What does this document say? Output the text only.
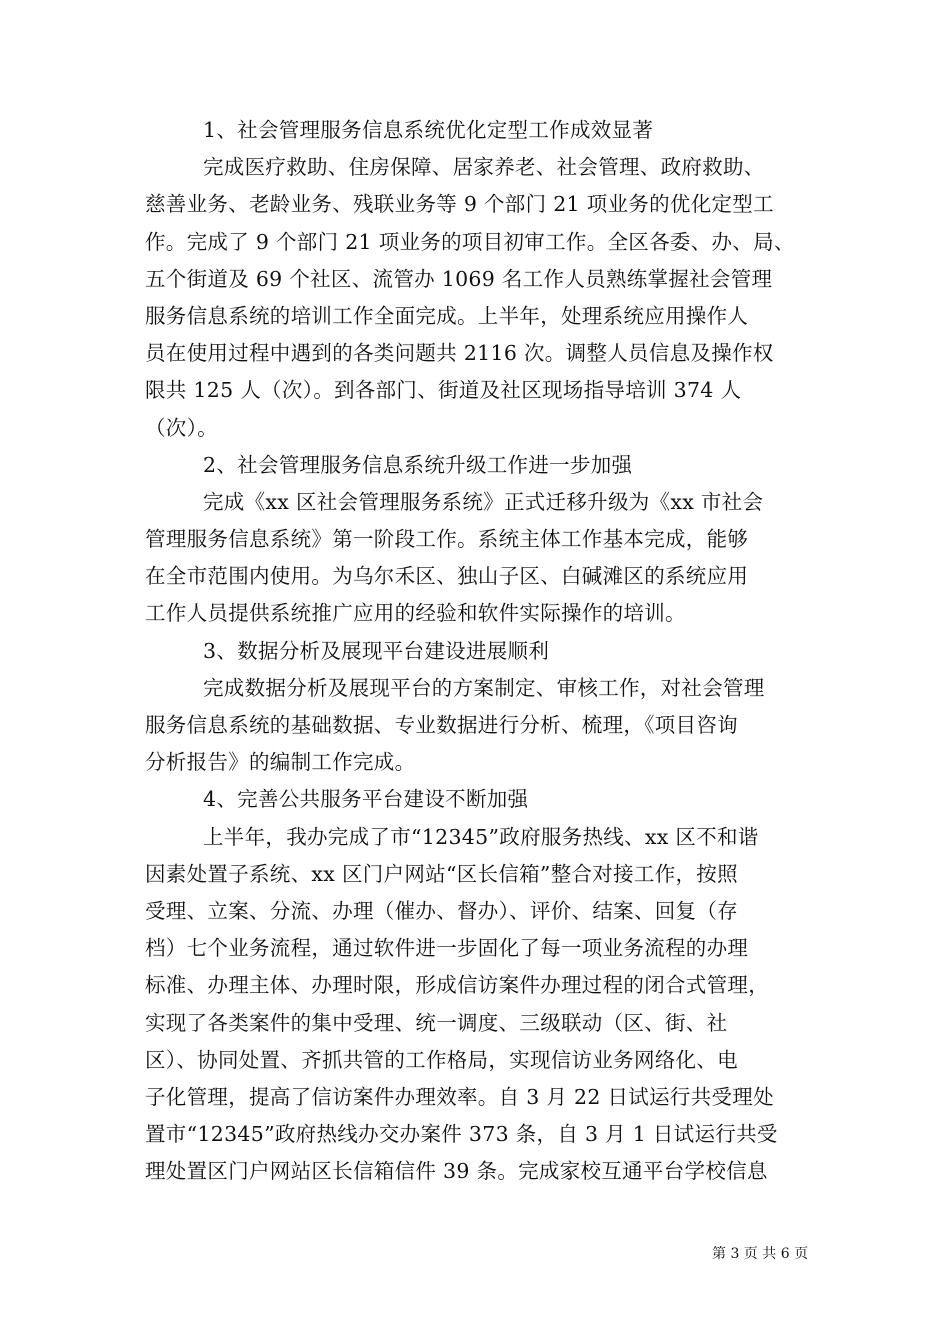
1、社会管理服务信息系统优化定型工作成效显著
完成医疗救助、住房保障、居家养老、社会管理、政府救助、
慈善业务、老龄业务、残联业务等 9 个部门 21 项业务的优化定型工
作。完成了 9 个部门 21 项业务的项目初审工作。全区各委、办、局、
五个街道及 69 个社区、流管办 1069 名工作人员熟练掌握社会管理
服务信息系统的培训工作全面完成。上半年，处理系统应用操作人
员在使用过程中遇到的各类问题共 2116 次。调整人员信息及操作权
限共 125 人（次）。到各部门、街道及社区现场指导培训 374 人
（次）。
2、社会管理服务信息系统升级工作进一步加强
完成《xx 区社会管理服务系统》正式迁移升级为《xx 市社会
管理服务信息系统》第一阶段工作。系统主体工作基本完成，能够
在全市范围内使用。为乌尔禾区、独山子区、白碱滩区的系统应用
工作人员提供系统推广应用的经验和软件实际操作的培训。
3、数据分析及展现平台建设进展顺利
完成数据分析及展现平台的方案制定、审核工作，对社会管理
服务信息系统的基础数据、专业数据进行分析、梳理，《项目咨询
分析报告》的编制工作完成。
4、完善公共服务平台建设不断加强
上半年，我办完成了市“12345”政府服务热线、xx 区不和谐
因素处置子系统、xx 区门户网站“区长信箱”整合对接工作，按照
受理、立案、分流、办理（催办、督办）、评价、结案、回复（存
档）七个业务流程，通过软件进一步固化了每一项业务流程的办理
标准、办理主体、办理时限，形成信访案件办理过程的闭合式管理，
实现了各类案件的集中受理、统一调度、三级联动（区、街、社
区）、协同处置、齐抓共管的工作格局，实现信访业务网络化、电
子化管理，提高了信访案件办理效率。自 3 月 22 日试运行共受理处
置市“12345”政府热线办交办案件 373 条，自 3 月 1 日试运行共受
理处置区门户网站区长信箱信件 39 条。完成家校互通平台学校信息
第 3 页 共 6 页
